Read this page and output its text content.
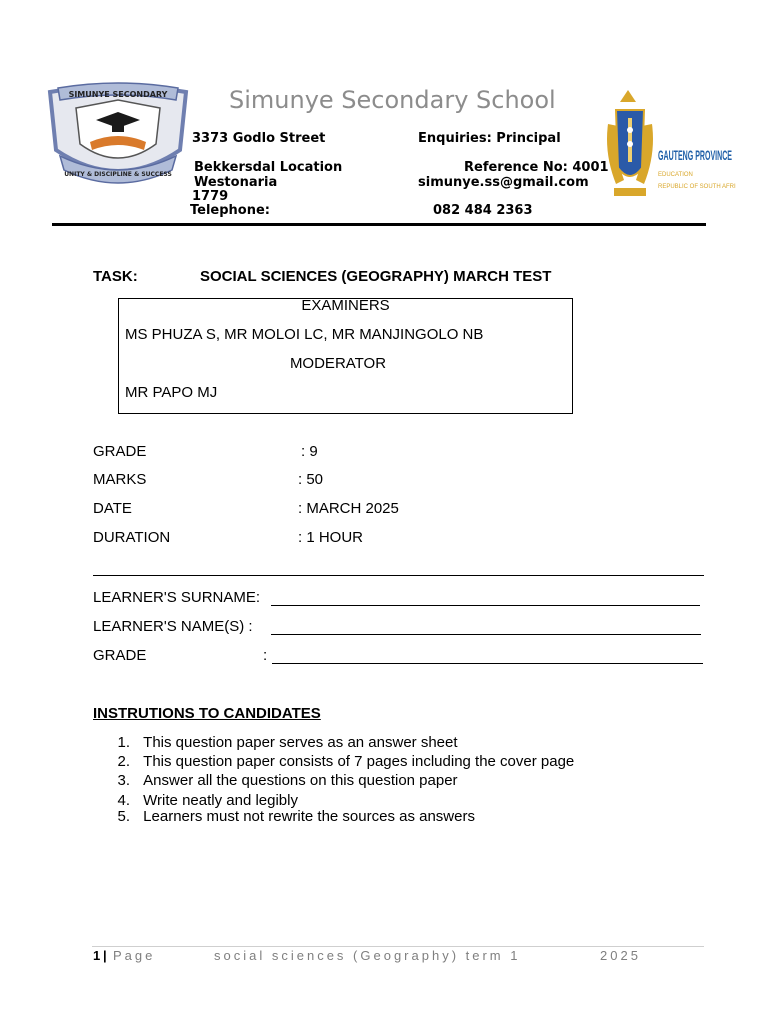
SIMUNYE SECONDARY
UNITY & DISCIPLINE & SUCCESS
Simunye Secondary School
3373 Godlo Street
Bekkersdal Location
Westonaria
1779
Telephone:
Enquiries: Principal
Reference No: 4001
simunye.ss@gmail.com
082 484 2363
GAUTENG PROVINCE
EDUCATION
REPUBLIC OF SOUTH AFRICA
TASK:	SOCIAL SCIENCES (GEOGRAPHY) MARCH TEST
EXAMINERS
MS PHUZA S, MR MOLOI LC, MR MANJINGOLO NB
MODERATOR
MR PAPO MJ
GRADE	: 9
MARKS	: 50
DATE	: MARCH 2025
DURATION	: 1 HOUR
LEARNER'S SURNAME:
LEARNER'S NAME(S) :
GRADE	:
INSTRUTIONS TO CANDIDATES
1. This question paper serves as an answer sheet
2. This question paper consists of 7 pages including the cover page
3. Answer all the questions on this question paper
4. Write neatly and legibly
5. Learners must not rewrite the sources as answers
1 | Page	social sciences (Geography) term 1	2025
